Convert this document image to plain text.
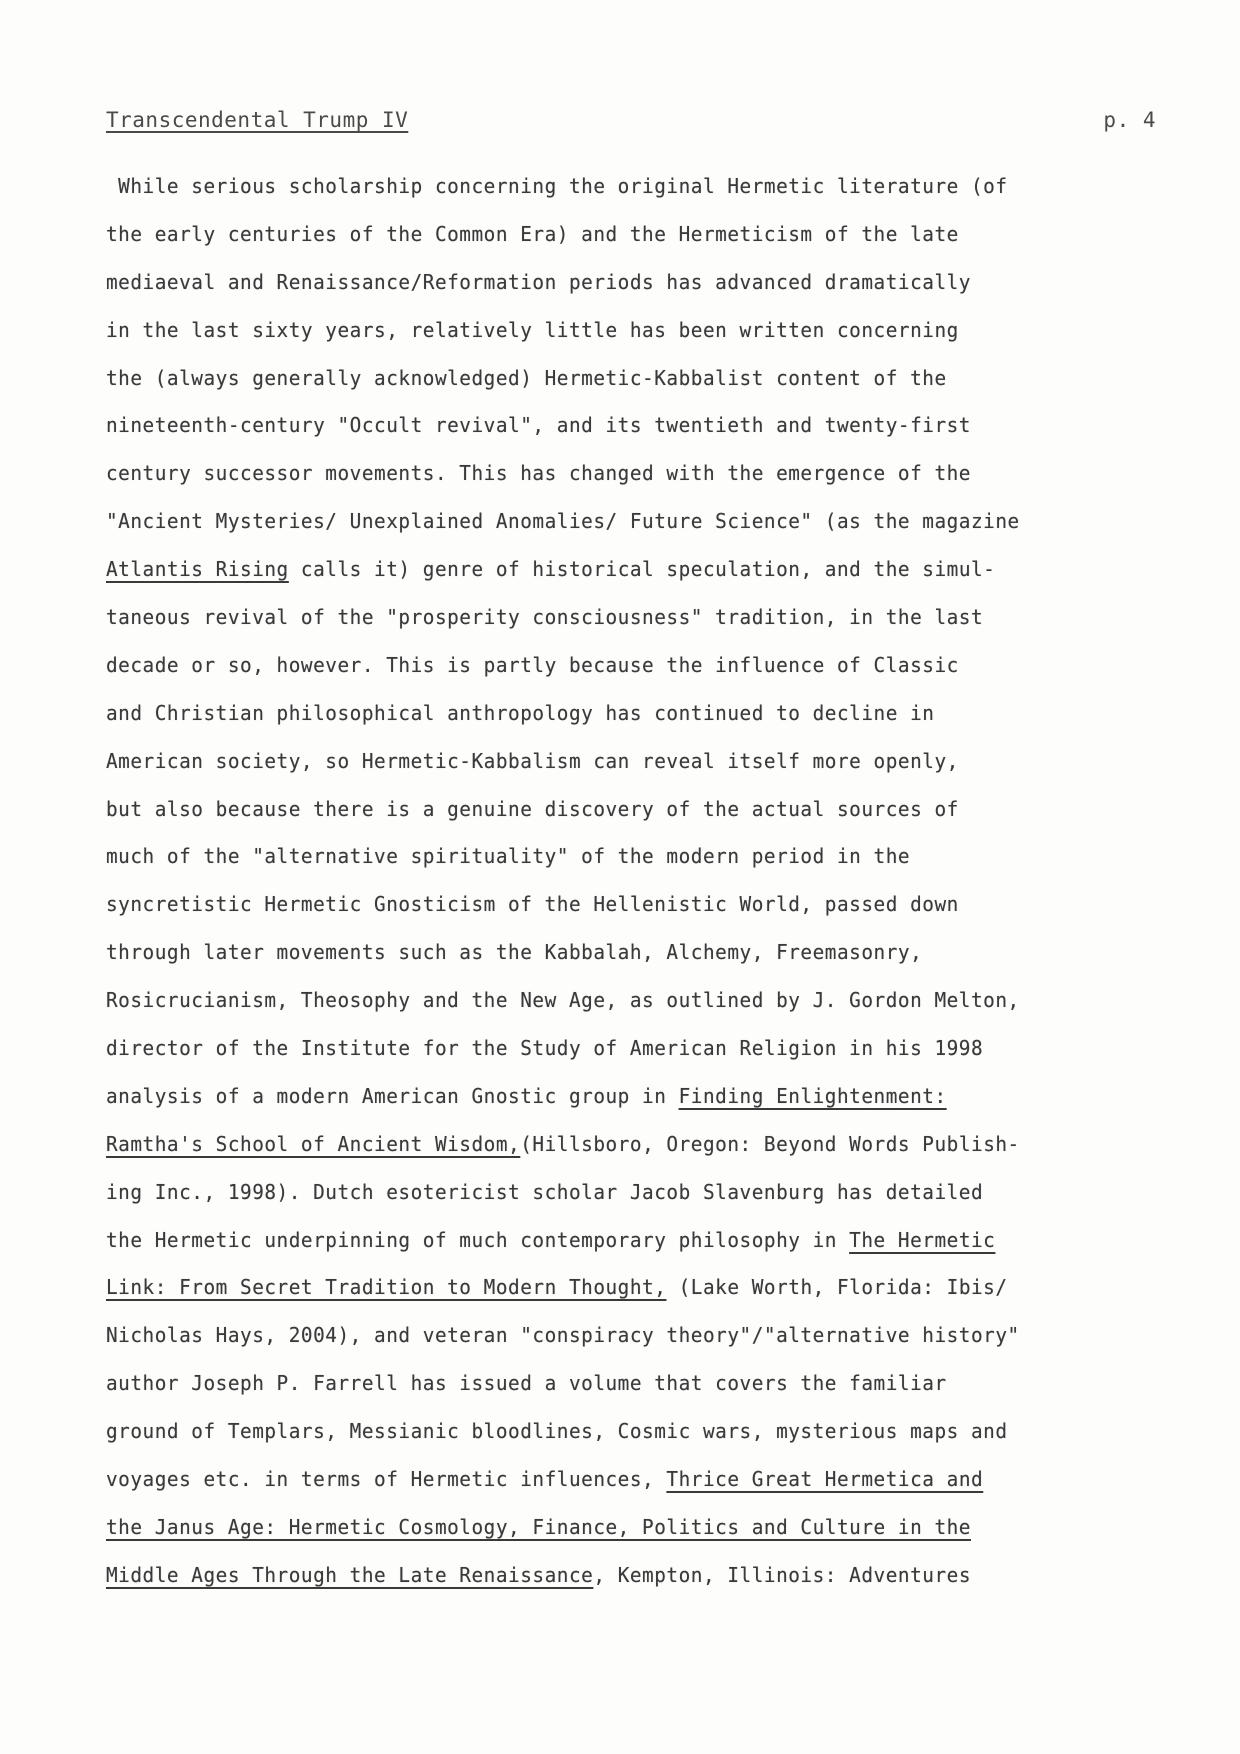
Transcendental Trump IV	p. 4
While serious scholarship concerning the original Hermetic literature (of
the early centuries of the Common Era) and the Hermeticism of the late
mediaeval and Renaissance/Reformation periods has advanced dramatically
in the last sixty years, relatively little has been written concerning
the (always generally acknowledged) Hermetic-Kabbalist content of the
nineteenth-century "Occult revival", and its twentieth and twenty-first
century successor movements. This has changed with the emergence of the
"Ancient Mysteries/ Unexplained Anomalies/ Future Science" (as the magazine
Atlantis Rising calls it) genre of historical speculation, and the simul-
taneous revival of the "prosperity consciousness" tradition, in the last
decade or so, however. This is partly because the influence of Classic
and Christian philosophical anthropology has continued to decline in
American society, so Hermetic-Kabbalism can reveal itself more openly,
but also because there is a genuine discovery of the actual sources of
much of the "alternative spirituality" of the modern period in the
syncretistic Hermetic Gnosticism of the Hellenistic World, passed down
through later movements such as the Kabbalah, Alchemy, Freemasonry,
Rosicrucianism, Theosophy and the New Age, as outlined by J. Gordon Melton,
director of the Institute for the Study of American Religion in his 1998
analysis of a modern American Gnostic group in Finding Enlightenment:
Ramtha's School of Ancient Wisdom,(Hillsboro, Oregon: Beyond Words Publish-
ing Inc., 1998). Dutch esotericist scholar Jacob Slavenburg has detailed
the Hermetic underpinning of much contemporary philosophy in The Hermetic
Link: From Secret Tradition to Modern Thought, (Lake Worth, Florida: Ibis/
Nicholas Hays, 2004), and veteran "conspiracy theory"/"alternative history"
author Joseph P. Farrell has issued a volume that covers the familiar
ground of Templars, Messianic bloodlines, Cosmic wars, mysterious maps and
voyages etc. in terms of Hermetic influences, Thrice Great Hermetica and
the Janus Age: Hermetic Cosmology, Finance, Politics and Culture in the
Middle Ages Through the Late Renaissance, Kempton, Illinois: Adventures
